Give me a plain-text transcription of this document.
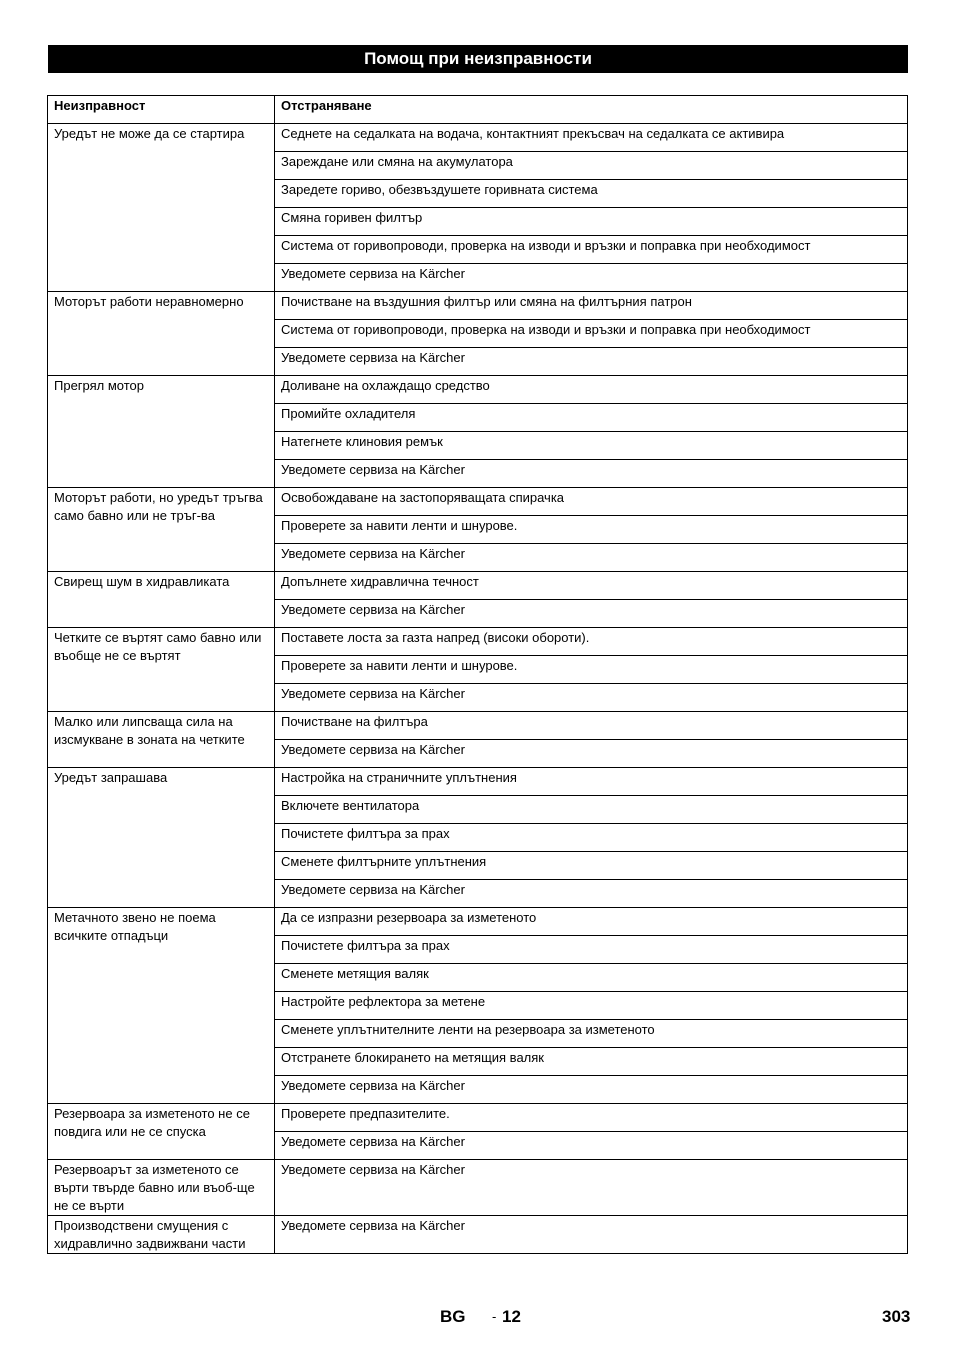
Помощ при неизправности
Неизправност	Отстраняване
Уредът не може да се стартира	Седнете на седалката на водача, контактният прекъсвач на седалката се активира
	Зареждане или смяна на акумулатора
	Заредете гориво, обезвъздушете горивната система
	Смяна горивен филтър
	Система от горивопроводи, проверка на изводи и връзки и поправка при необходимост
	Уведомете сервиза на Kärcher
Моторът работи неравномерно	Почистване на въздушния филтър или смяна на филтърния патрон
	Система от горивопроводи, проверка на изводи и връзки и поправка при необходимост
	Уведомете сервиза на Kärcher
Прегрял мотор	Доливане на охлаждащо средство
	Промийте охладителя
	Натегнете клиновия ремък
	Уведомете сервиза на Kärcher
Моторът работи, но уредът тръгва само бавно или не тръг-ва	Освобождаване на застопоряващата спирачка
	Проверете за навити ленти и шнурове.
	Уведомете сервиза на Kärcher
Свирещ шум в хидравликата	Допълнете хидравлична течност
	Уведомете сервиза на Kärcher
Четките се въртят само бавно или въобще не се въртят	Поставете лоста за газта напред (високи обороти).
	Проверете за навити ленти и шнурове.
	Уведомете сервиза на Kärcher
Малко или липсваща сила на изсмукване в зоната на четките	Почистване на филтъра
	Уведомете сервиза на Kärcher
Уредът запрашава	Настройка на страничните уплътнения
	Включете вентилатора
	Почистете филтъра за прах
	Сменете филтърните уплътнения
	Уведомете сервиза на Kärcher
Метачното звено не поема всичките отпадъци	Да се изпразни резервоара за изметеното
	Почистете филтъра за прах
	Сменете метящия валяк
	Настройте рефлектора за метене
	Сменете уплътнителните ленти на резервоара за изметеното
	Отстранете блокирането на метящия валяк
	Уведомете сервиза на Kärcher
Резервоара за изметеното не се повдига или не се спуска	Проверете предпазителите.
	Уведомете сервиза на Kärcher
Резервоарът за изметеното се върти твърде бавно или въоб-ще не се върти	Уведомете сервиза на Kärcher
Производствени смущения с хидравлично задвижвани части	Уведомете сервиза на Kärcher
BG - 12	303
